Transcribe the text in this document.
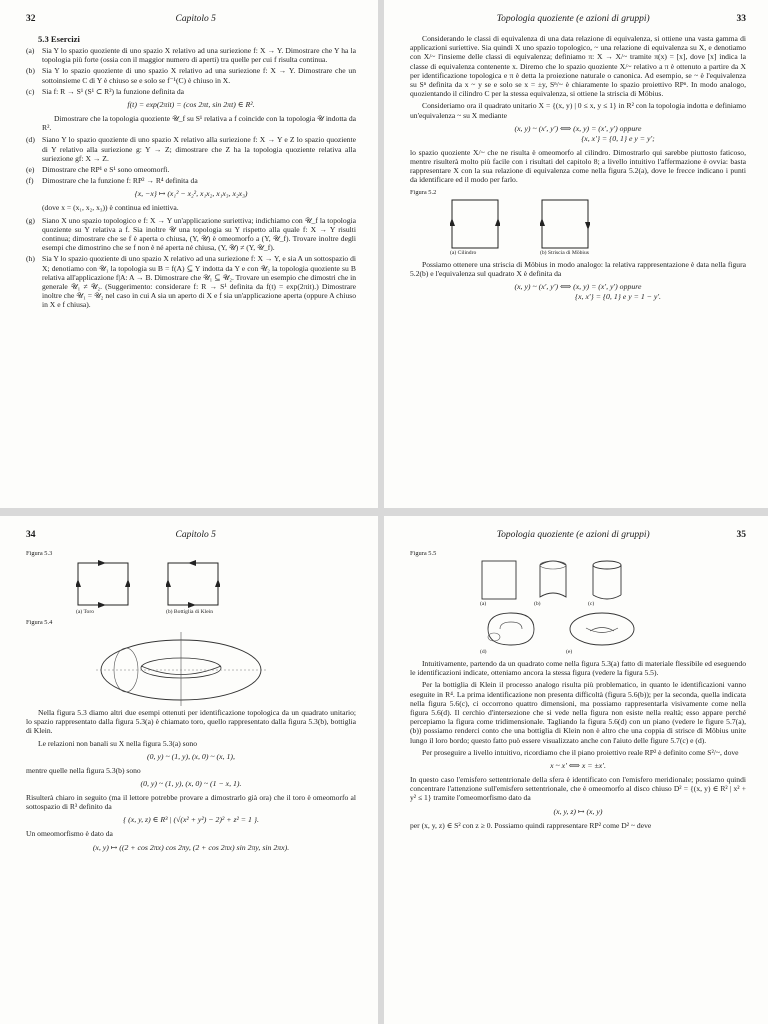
32	Capitolo 5
5.3 Esercizi
(a) Sia Y lo spazio quoziente di uno spazio X relativo ad una suriezione f: X → Y. Dimostrare che Y ha la topologia più forte (ossia con il maggior numero di aperti) tra quelle per cui f risulta continua.
(b) Sia Y lo spazio quoziente di uno spazio X relativo ad una suriezione f: X → Y. Dimostrare che un sottoinsieme C di Y è chiuso se e solo se f⁻¹(C) è chiuso in X.
(c) Sia f: R → S¹ (S¹ ⊂ R²) la funzione definita da
f(t) = exp(2πit) = (cos 2πt, sin 2πt) ∈ R².

Dimostrare che la topologia quoziente 𝒰_f su S¹ relativa a f coincide con la topologia 𝒰 indotta da R².

(d) Siano Y lo spazio quoziente di uno spazio X relativo alla suriezione f: X → Y e Z lo spazio quoziente di Y relativo alla suriezione g: Y → Z; dimostrare che Z ha la topologia quoziente relativa alla suriezione gf: X → Z.
(e) Dimostrare che RP¹ e S¹ sono omeomorfi.
(f)	Dimostrare che la funzione f: RP² → R⁴ definita da
{x, −x} ↦ (x₁² − x₂², x₁x₂, x₁x₃, x₂x₃)

(dove x = (x₁, x₂, x₃)) è continua ed iniettiva.

(g) Siano X uno spazio topologico e f: X → Y un'applicazione suriettiva; indichiamo con 𝒰_f la topologia quoziente su Y relativa a f. Sia inoltre 𝒰 una topologia su Y rispetto alla quale f: X → Y risulti continua; dimostrare che se f è aperta o chiusa, (Y, 𝒰) è omeomorfo a (Y, 𝒰_f). Trovare inoltre degli esempi che dimostrino che se f non è né aperta né chiusa, (Y, 𝒰) ≠ (Y, 𝒰_f).
(h) Sia Y lo spazio quoziente di uno spazio X relativo ad una suriezione f: X → Y, e sia A un sottospazio di X; denotiamo con 𝒰₁ la topologia su B = f(A) ⊆ Y indotta da Y e con 𝒰₂ la topologia quoziente su B relativa all'applicazione f|A: A → B. Dimostrare che 𝒰₁ ⊆ 𝒰₂. Trovare un esempio che dimostri che in generale 𝒰₁ ≠ 𝒰₂. (Suggerimento: considerare f: R → S¹ definita da f(t) = exp(2πit).) Dimostrare inoltre che 𝒰₁ = 𝒰₂ nel caso in cui A sia un aperto di X e f sia un'applicazione aperta (oppure A chiuso in X e f chiusa).
Topologia quoziente (e azioni di gruppi)	33

Considerando le classi di equivalenza di una data relazione di equivalenza, si ottiene una vasta gamma di applicazioni suriettive. Sia quindi X uno spazio topologico, ~ una relazione di equivalenza su X, e denotiamo con X/~ l'insieme delle classi di equivalenza; definiamo π: X → X/~ tramite π(x) = [x], dove [x] indica la classe di equivalenza contenente x. Diremo che lo spazio quoziente X/~ relativo a π è ottenuto a partire da X per identificazione topologica e π è detta la proiezione naturale o canonica. Ad esempio, se ~ è l'equivalenza su Sⁿ definita da x ~ y se e solo se x = ±y, Sⁿ/~ è chiaramente lo spazio proiettivo RPⁿ. In modo analogo, quozientando il cilindro C per la stessa equivalenza, si ottiene la striscia di Möbius.

Consideriamo ora il quadrato unitario X = {(x, y) | 0 ≤ x, y ≤ 1} in R² con la topologia indotta e definiamo un'equivalenza ~ su X mediante

(x, y) ~ (x′, y′) ⟺ (x, y) = (x′, y′) oppure
{x, x′} = {0, 1} e y = y′;

lo spazio quoziente X/~ che ne risulta è omeomorfo al cilindro. Dimostrarlo qui sarebbe piuttosto faticoso, mentre risulterà molto più facile con i risultati del capitolo 8; a livello intuitivo l'affermazione è ovvia: basta rappresentare X con la sua relazione di equivalenza come nella figura 5.2(a), dove le frecce indicano i punti da identificare ed il modo per farlo.

Figura 5.2
(a) Cilindro	(b) Striscia di Möbius

Possiamo ottenere una striscia di Möbius in modo analogo: la relativa rappresentazione è data nella figura 5.2(b) e l'equivalenza sul quadrato X è definita da

(x, y) ~ (x′, y′) ⟺ (x, y) = (x′, y′) oppure
{x, x′} = {0, 1} e y = 1 − y′.
34	Capitolo 5
Figura 5.3
(a) Toro	(b) Bottiglia di Klein
Figura 5.4

Nella figura 5.3 diamo altri due esempi ottenuti per identificazione topologica da un quadrato unitario; lo spazio rappresentato dalla figura 5.3(a) è chiamato toro, quello rappresentato dalla figura 5.3(b), bottiglia di Klein.

Le relazioni non banali su X nella figura 5.3(a) sono

(0, y) ~ (1, y), (x, 0) ~ (x, 1),

mentre quelle nella figura 5.3(b) sono

(0, y) ~ (1, y), (x, 0) ~ (1 − x, 1).

Risulterà chiaro in seguito (ma il lettore potrebbe provare a dimostrarlo già ora) che il toro è omeomorfo al sottospazio di R³ definito da

{ (x, y, z) ∈ R³ | (√(x² + y²) − 2)² + z² = 1 }.

Un omeomorfismo è dato da

(x, y) ↦ ((2 + cos 2πx) cos 2πy, (2 + cos 2πx) sin 2πy, sin 2πx).
Topologia quoziente (e azioni di gruppi)	35
Figura 5.5
(a)	(b)	(c)
(d)	(e)

Intuitivamente, partendo da un quadrato come nella figura 5.3(a) fatto di materiale flessibile ed eseguendo le identificazioni indicate, otteniamo ancora la stessa figura (vedere la figura 5.5).

Per la bottiglia di Klein il processo analogo risulta più problematico, in quanto le identificazioni vanno eseguite in R⁴. La prima identificazione non presenta difficoltà (figura 5.6(b)); per la seconda, quella indicata nella figura 5.6(c), ci occorrono quattro dimensioni, ma possiamo rappresentarla visivamente come nella figura 5.6(d). Il cerchio d'intersezione che si vede nella figura non esiste nella realtà; esso appare perché percepiamo la figura come tridimensionale. Tagliando la figura 5.6(d) con un piano (vedere le figure 5.7(a),(b)) possiamo renderci conto che una bottiglia di Klein non è altro che una coppia di strisce di Möbius unite lungo il loro bordo; questo fatto può essere visualizzato anche con l'aiuto delle figure 5.7(c) e (d).

Per proseguire a livello intuitivo, ricordiamo che il piano proiettivo reale RP² è definito come S²/~, dove

x ~ x′ ⟺ x = ±x′.

In questo caso l'emisfero settentrionale della sfera è identificato con l'emisfero meridionale; possiamo quindi concentrare l'attenzione sull'emisfero settentrionale, che è omeomorfo al disco chiuso D² = {(x, y) ∈ R² | x² + y² ≤ 1} tramite l'omeomorfismo dato da

(x, y, z) ↦ (x, y)

per (x, y, z) ∈ S² con z ≥ 0. Possiamo quindi rappresentare RP² come D² ~ deve
